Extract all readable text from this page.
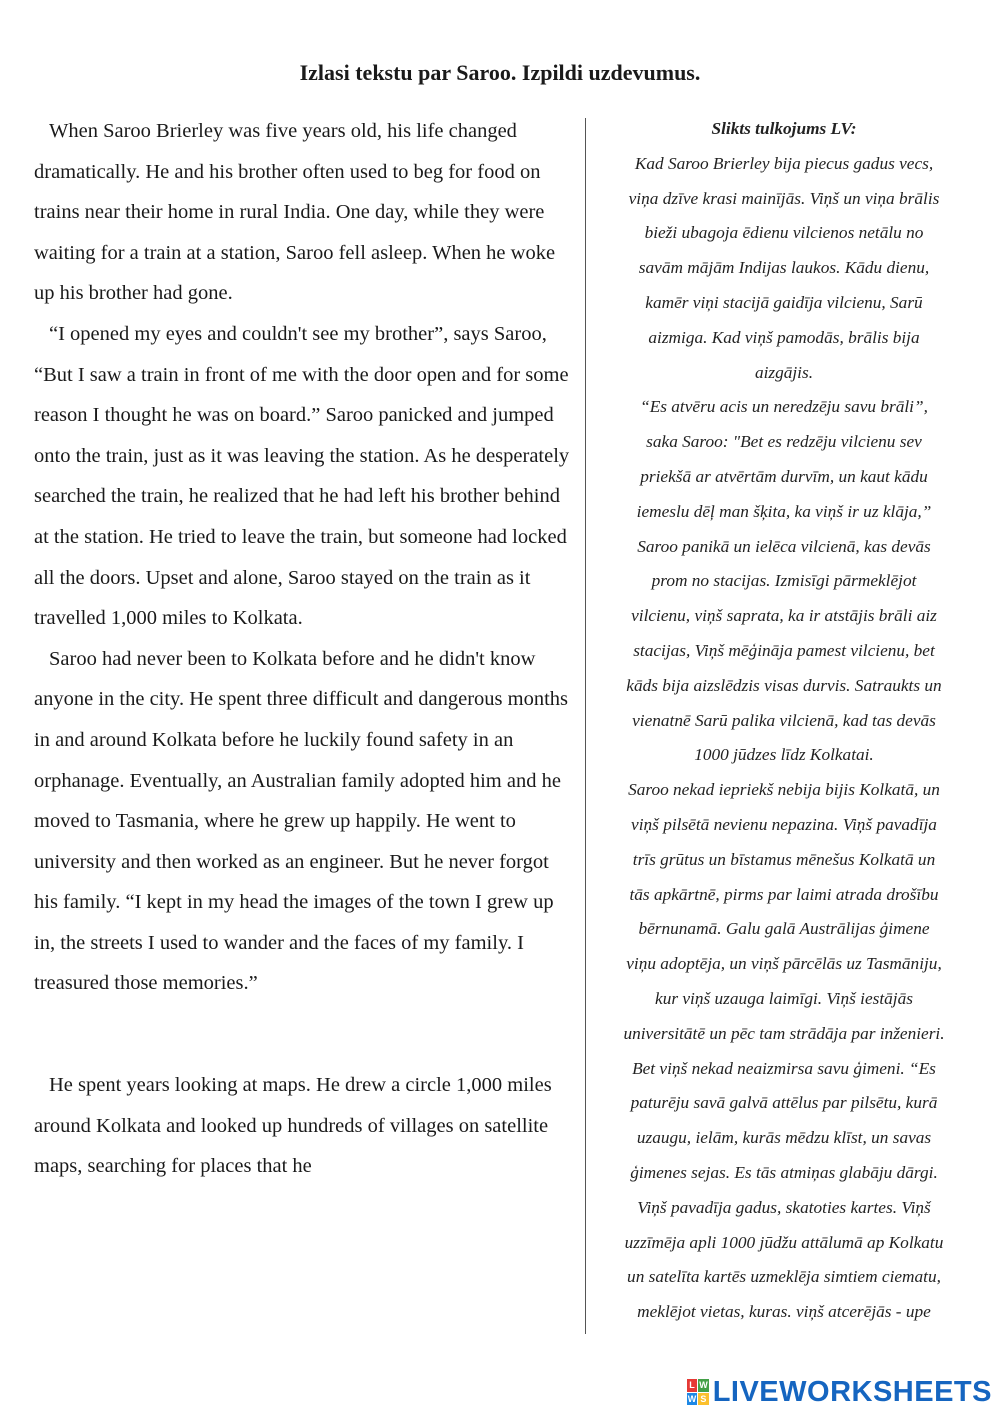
Izlasi tekstu par Saroo. Izpildi uzdevumus.

When Saroo Brierley was five years old, his life changed dramatically. He and his brother often used to beg for food on trains near their home in rural India. One day, while they were waiting for a train at a station, Saroo fell asleep. When he woke up his brother had gone.

“I opened my eyes and couldn't see my brother”, says Saroo, “But I saw a train in front of me with the door open and for some reason I thought he was on board.” Saroo panicked and jumped onto the train, just as it was leaving the station. As he desperately searched the train, he realized that he had left his brother behind at the station. He tried to leave the train, but someone had locked all the doors. Upset and alone, Saroo stayed on the train as it travelled 1,000 miles to Kolkata.

Saroo had never been to Kolkata before and he didn't know anyone in the city. He spent three difficult and dangerous months in and around Kolkata before he luckily found safety in an orphanage. Eventually, an Australian family adopted him and he moved to Tasmania, where he grew up happily. He went to university and then worked as an engineer. But he never forgot his family. “I kept in my head the images of the town I grew up in, the streets I used to wander and the faces of my family. I treasured those memories.”

He spent years looking at maps. He drew a circle 1,000 miles around Kolkata and looked up hundreds of villages on satellite maps, searching for places that he

Slikts tulkojums LV:

Kad Saroo Brierley bija piecus gadus vecs,

viņa dzīve krasi mainījās. Viņš un viņa brālis

bieži ubagoja ēdienu vilcienos netālu no

savām mājām Indijas laukos. Kādu dienu,

kamēr viņi stacijā gaidīja vilcienu, Sarū

aizmiga. Kad viņš pamodās, brālis bija

aizgājis.

“Es atvēru acis un neredzēju savu brāli”,

saka Saroo: "Bet es redzēju vilcienu sev

priekšā ar atvērtām durvīm, un kaut kādu

iemeslu dēļ man šķita, ka viņš ir uz klāja,”

Saroo panikā un ielēca vilcienā, kas devās

prom no stacijas. Izmisīgi pārmeklējot

vilcienu, viņš saprata, ka ir atstājis brāli aiz

stacijas, Viņš mēģināja pamest vilcienu, bet

kāds bija aizslēdzis visas durvis. Satraukts un

vienatnē Sarū palika vilcienā, kad tas devās

1000 jūdzes līdz Kolkatai.

Saroo nekad iepriekš nebija bijis Kolkatā, un

viņš pilsētā nevienu nepazina. Viņš pavadīja

trīs grūtus un bīstamus mēnešus Kolkatā un

tās apkārtnē, pirms par laimi atrada drošību

bērnunamā. Galu galā Austrālijas ģimene

viņu adoptēja, un viņš pārcēlās uz Tasmāniju,

kur viņš uzauga laimīgi. Viņš iestājās

universitātē un pēc tam strādāja par inženieri.

Bet viņš nekad neaizmirsa savu ģimeni. “Es

paturēju savā galvā attēlus par pilsētu, kurā

uzaugu, ielām, kurās mēdzu klīst, un savas

ģimenes sejas. Es tās atmiņas glabāju dārgi.

Viņš pavadīja gadus, skatoties kartes. Viņš

uzzīmēja apli 1000 jūdžu attālumā ap Kolkatu

un satelīta kartēs uzmeklēja simtiem ciematu,

meklējot vietas, kuras. viņš atcerējās - upe

L W
W S LIVEWORKSHEETS
